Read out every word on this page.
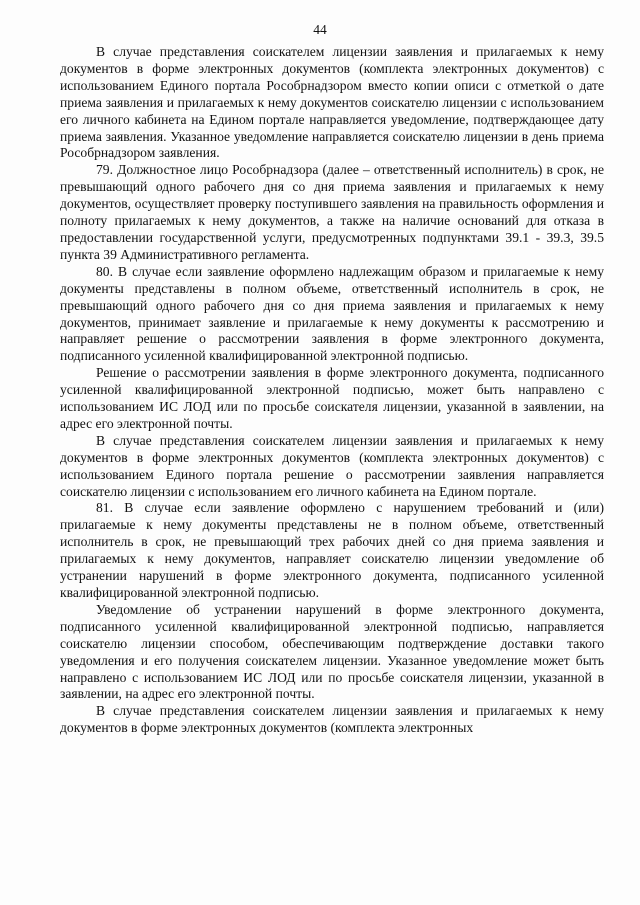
44

В случае представления соискателем лицензии заявления и прилагаемых к нему документов в форме электронных документов (комплекта электронных документов) с использованием Единого портала Рособрнадзором вместо копии описи с отметкой о дате приема заявления и прилагаемых к нему документов соискателю лицензии с использованием его личного кабинета на Едином портале направляется уведомление, подтверждающее дату приема заявления. Указанное уведомление направляется соискателю лицензии в день приема Рособрнадзором заявления.

79. Должностное лицо Рособрнадзора (далее – ответственный исполнитель) в срок, не превышающий одного рабочего дня со дня приема заявления и прилагаемых к нему документов, осуществляет проверку поступившего заявления на правильность оформления и полноту прилагаемых к нему документов, а также на наличие оснований для отказа в предоставлении государственной услуги, предусмотренных подпунктами 39.1 - 39.3, 39.5 пункта 39 Административного регламента.

80. В случае если заявление оформлено надлежащим образом и прилагаемые к нему документы представлены в полном объеме, ответственный исполнитель в срок, не превышающий одного рабочего дня со дня приема заявления и прилагаемых к нему документов, принимает заявление и прилагаемые к нему документы к рассмотрению и направляет решение о рассмотрении заявления в форме электронного документа, подписанного усиленной квалифицированной электронной подписью.

Решение о рассмотрении заявления в форме электронного документа, подписанного усиленной квалифицированной электронной подписью, может быть направлено с использованием ИС ЛОД или по просьбе соискателя лицензии, указанной в заявлении, на адрес его электронной почты.

В случае представления соискателем лицензии заявления и прилагаемых к нему документов в форме электронных документов (комплекта электронных документов) с использованием Единого портала решение о рассмотрении заявления направляется соискателю лицензии с использованием его личного кабинета на Едином портале.

81. В случае если заявление оформлено с нарушением требований и (или) прилагаемые к нему документы представлены не в полном объеме, ответственный исполнитель в срок, не превышающий трех рабочих дней со дня приема заявления и прилагаемых к нему документов, направляет соискателю лицензии уведомление об устранении нарушений в форме электронного документа, подписанного усиленной квалифицированной электронной подписью.

Уведомление об устранении нарушений в форме электронного документа, подписанного усиленной квалифицированной электронной подписью, направляется соискателю лицензии способом, обеспечивающим подтверждение доставки такого уведомления и его получения соискателем лицензии. Указанное уведомление может быть направлено с использованием ИС ЛОД или по просьбе соискателя лицензии, указанной в заявлении, на адрес его электронной почты.

В случае представления соискателем лицензии заявления и прилагаемых к нему документов в форме электронных документов (комплекта электронных
